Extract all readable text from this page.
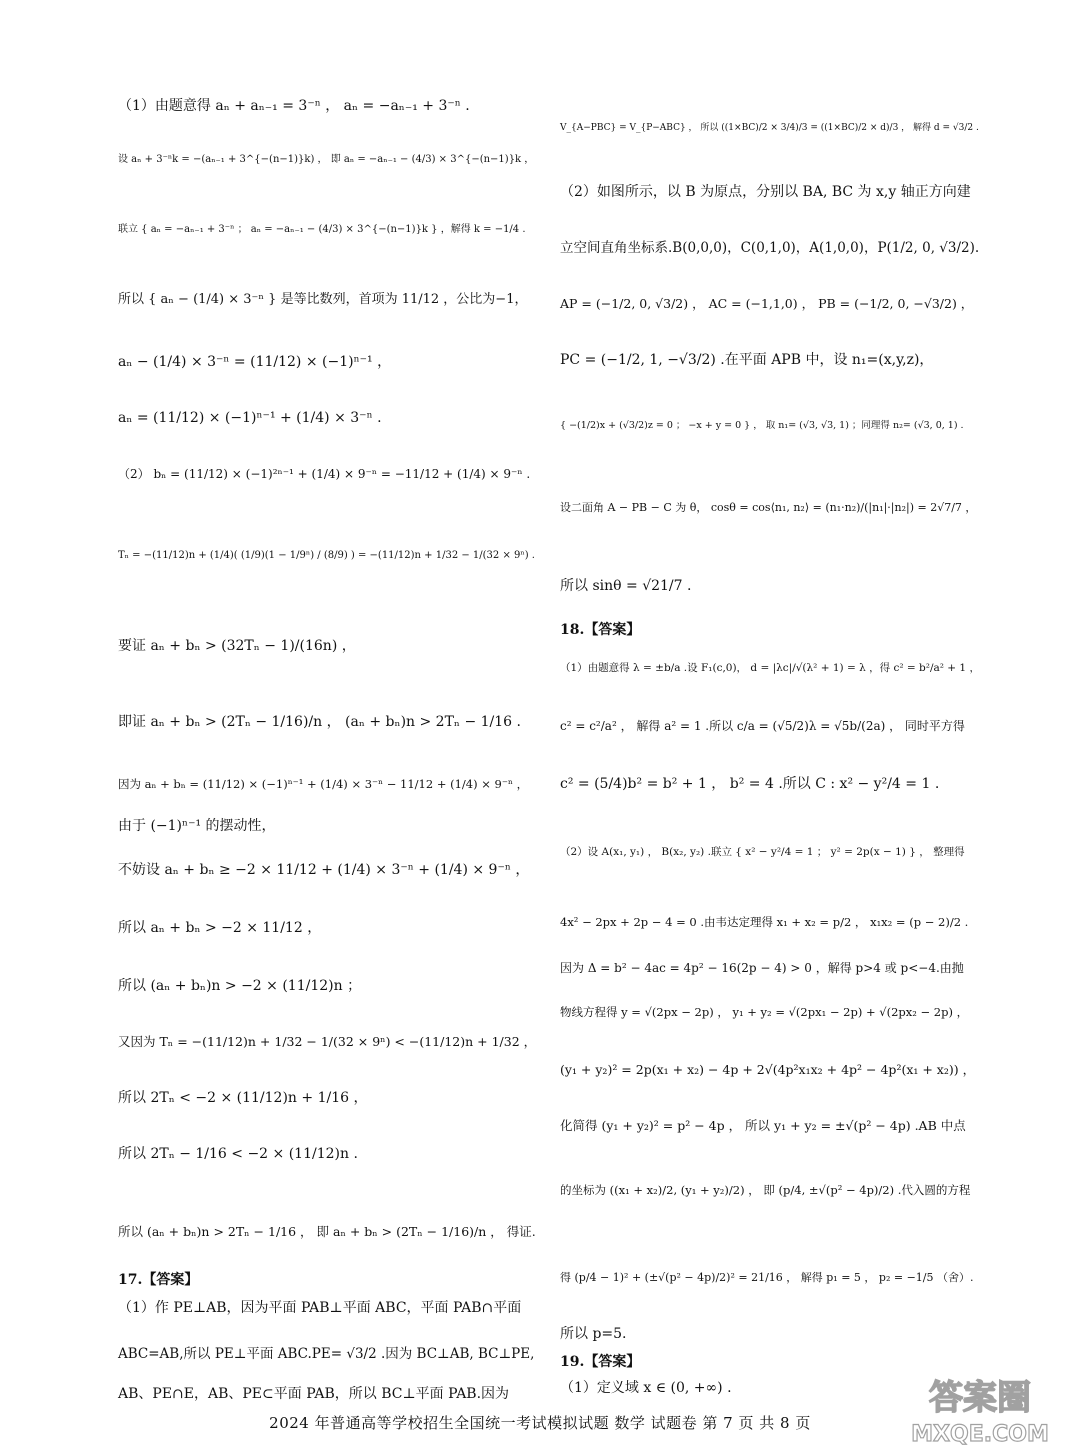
（1）由题意得 aₙ + aₙ₋₁ = 3⁻ⁿ ， aₙ = −aₙ₋₁ + 3⁻ⁿ .
设 aₙ + 3⁻ⁿk = −(aₙ₋₁ + 3^{−(n−1)}k) ， 即 aₙ = −aₙ₋₁ − (4/3) × 3^{−(n−1)}k ，
联立 { aₙ = −aₙ₋₁ + 3⁻ⁿ ； aₙ = −aₙ₋₁ − (4/3) × 3^{−(n−1)}k } ，解得 k = −1/4 .
所以 { aₙ − (1/4) × 3⁻ⁿ } 是等比数列，首项为 11/12 ，公比为−1，
aₙ − (1/4) × 3⁻ⁿ = (11/12) × (−1)ⁿ⁻¹ ，
aₙ = (11/12) × (−1)ⁿ⁻¹ + (1/4) × 3⁻ⁿ .
（2） bₙ = (11/12) × (−1)²ⁿ⁻¹ + (1/4) × 9⁻ⁿ = −11/12 + (1/4) × 9⁻ⁿ .
Tₙ = −(11/12)n + (1/4)( (1/9)(1 − 1/9ⁿ) / (8/9) ) = −(11/12)n + 1/32 − 1/(32 × 9ⁿ) .
要证 aₙ + bₙ > (32Tₙ − 1)/(16n) ，
即证 aₙ + bₙ > (2Tₙ − 1/16)/n ， (aₙ + bₙ)n > 2Tₙ − 1/16 .
因为 aₙ + bₙ = (11/12) × (−1)ⁿ⁻¹ + (1/4) × 3⁻ⁿ − 11/12 + (1/4) × 9⁻ⁿ ，
由于 (−1)ⁿ⁻¹ 的摆动性，
不妨设 aₙ + bₙ ≥ −2 × 11/12 + (1/4) × 3⁻ⁿ + (1/4) × 9⁻ⁿ ，
所以 aₙ + bₙ > −2 × 11/12 ，
所以 (aₙ + bₙ)n > −2 × (11/12)n ；
又因为 Tₙ = −(11/12)n + 1/32 − 1/(32 × 9ⁿ) < −(11/12)n + 1/32 ，
所以 2Tₙ < −2 × (11/12)n + 1/16 ，
所以 2Tₙ − 1/16 < −2 × (11/12)n .
所以 (aₙ + bₙ)n > 2Tₙ − 1/16 ， 即 aₙ + bₙ > (2Tₙ − 1/16)/n ， 得证.
17.【答案】
（1）作 PE⊥AB，因为平面 PAB⊥平面 ABC，平面 PAB∩平面
ABC=AB,所以 PE⊥平面 ABC.PE= √3/2 .因为 BC⊥AB, BC⊥PE,
AB、PE∩E，AB、PE⊂平面 PAB，所以 BC⊥平面 PAB.因为
V_{A−PBC} = V_{P−ABC} ， 所以 ((1×BC)/2 × 3/4)/3 = ((1×BC)/2 × d)/3 ， 解得 d = √3/2 .
（2）如图所示，以 B 为原点，分别以 BA, BC 为 x,y 轴正方向建
立空间直角坐标系.B(0,0,0)，C(0,1,0)，A(1,0,0)，P(1/2, 0, √3/2).
AP = (−1/2, 0, √3/2) ， AC = (−1,1,0) ， PB = (−1/2, 0, −√3/2) ，
PC = (−1/2, 1, −√3/2) .在平面 APB 中，设 n₁=(x,y,z)，
{ −(1/2)x + (√3/2)z = 0 ； −x + y = 0 } ， 取 n₁= (√3, √3, 1) ；同理得 n₂= (√3, 0, 1) .
设二面角 A − PB − C 为 θ， cosθ = cos⟨n₁, n₂⟩ = (n₁·n₂)/(|n₁|·|n₂|) = 2√7/7 ，
所以 sinθ = √21/7 .
18.【答案】
（1）由题意得 λ = ±b/a .设 F₁(c,0)， d = |λc|/√(λ² + 1) = λ ，得 c² = b²/a² + 1 ，
c² = c²/a² ， 解得 a² = 1 .所以 c/a = (√5/2)λ = √5b/(2a) ， 同时平方得
c² = (5/4)b² = b² + 1 ， b² = 4 .所以 C : x² − y²/4 = 1 .
（2）设 A(x₁, y₁) ， B(x₂, y₂) .联立 { x² − y²/4 = 1 ； y² = 2p(x − 1) } ， 整理得
4x² − 2px + 2p − 4 = 0 .由韦达定理得 x₁ + x₂ = p/2 ， x₁x₂ = (p − 2)/2 .
因为 Δ = b² − 4ac = 4p² − 16(2p − 4) > 0 ，解得 p>4 或 p<−4.由抛
物线方程得 y = √(2px − 2p) ， y₁ + y₂ = √(2px₁ − 2p) + √(2px₂ − 2p) ，
(y₁ + y₂)² = 2p(x₁ + x₂) − 4p + 2√(4p²x₁x₂ + 4p² − 4p²(x₁ + x₂)) ，
化简得 (y₁ + y₂)² = p² − 4p ， 所以 y₁ + y₂ = ±√(p² − 4p) .AB 中点
的坐标为 ((x₁ + x₂)/2, (y₁ + y₂)/2) ， 即 (p/4, ±√(p² − 4p)/2) .代入圆的方程
得 (p/4 − 1)² + (±√(p² − 4p)/2)² = 21/16 ， 解得 p₁ = 5 ， p₂ = −1/5 （舍）.
所以 p=5.
19.【答案】
（1）定义域 x ∈ (0, +∞) .
2024 年普通高等学校招生全国统一考试模拟试题 数学 试题卷 第 7 页 共 8 页
答案圈
MXQE.COM
